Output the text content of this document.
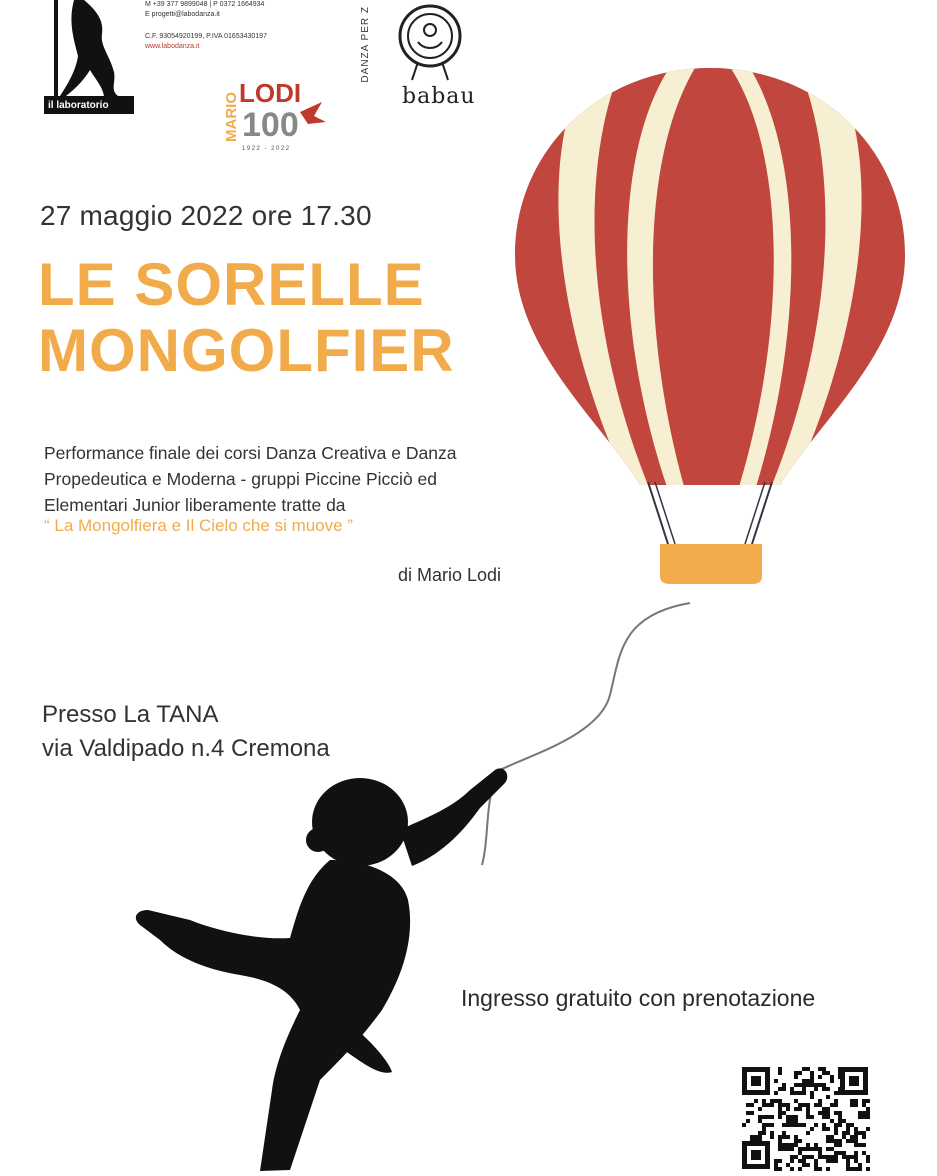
il laboratorio
M +39 377 9899048 | P 0372 1664934
E progetti@labodanza.it
C.F. 93054920199, P.IVA 01653430197
www.labodanza.it
MARIO LODI
100
1922 - 2022
DANZA PER Z
babau
27 maggio 2022 ore 17.30
LE SORELLE
MONGOLFIER
Performance finale dei corsi Danza Creativa e Danza
Propedeutica e Moderna - gruppi Piccine Picciò ed
Elementari Junior liberamente tratte da
“ La Mongolfiera e Il Cielo che si muove ”
di Mario Lodi
Presso La TANA
via Valdipado n.4 Cremona
Ingresso gratuito con prenotazione
